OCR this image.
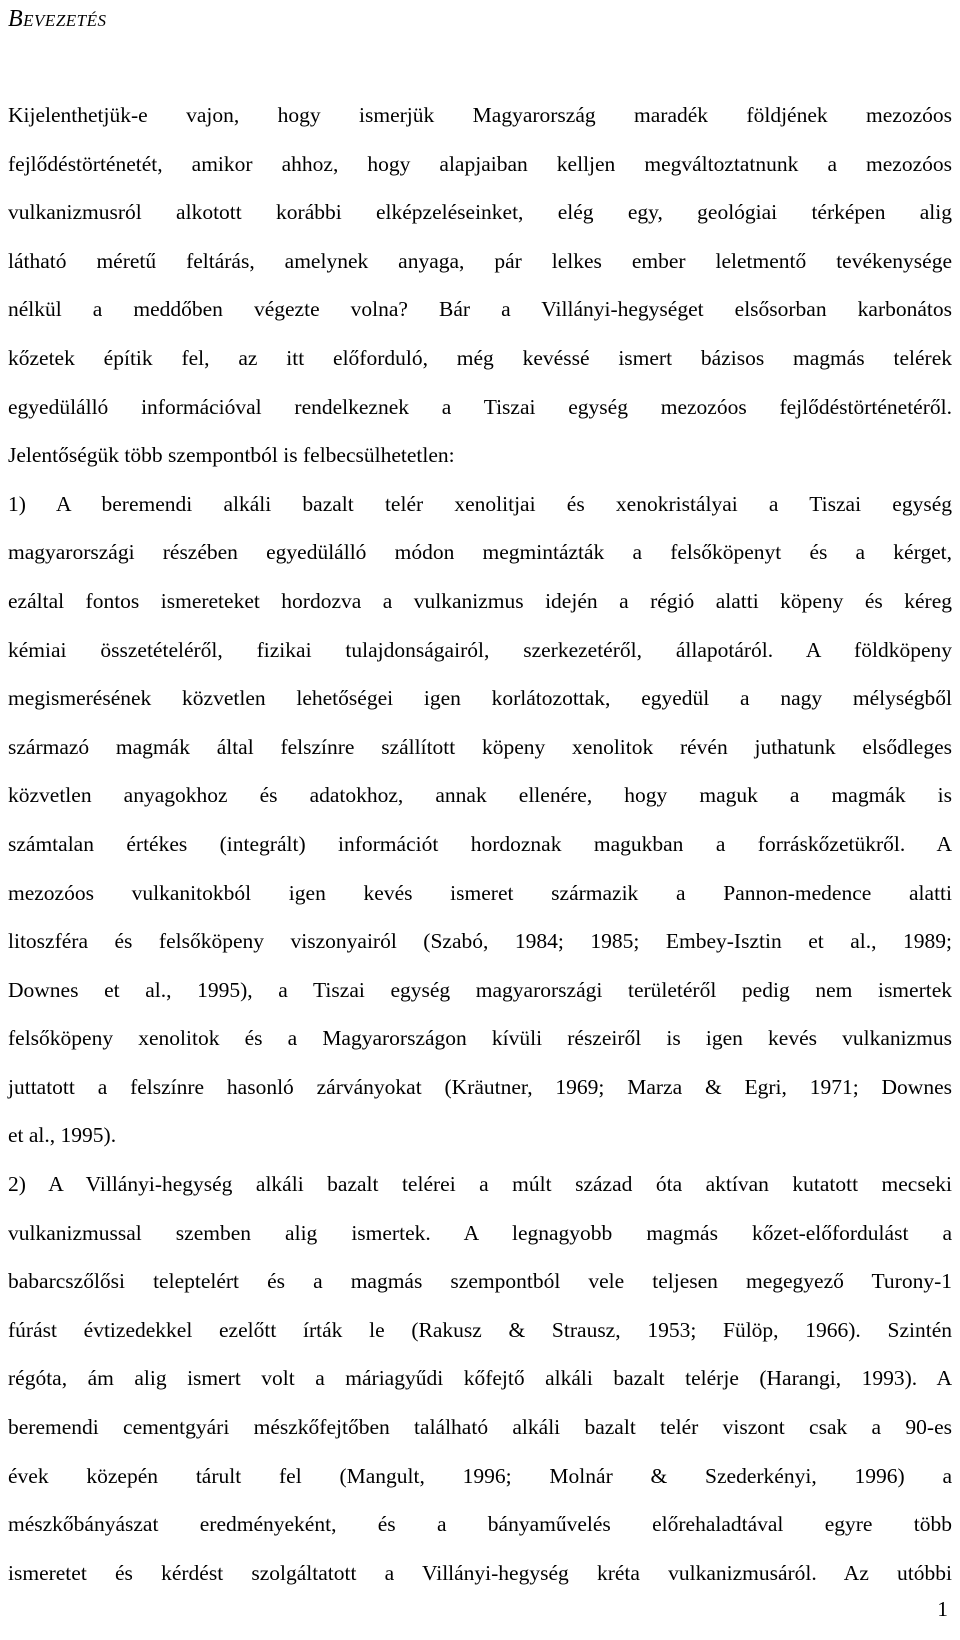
Bevezetés
Kijelenthetjük-e vajon, hogy ismerjük Magyarország maradék földjének mezozóos
fejlődéstörténetét, amikor ahhoz, hogy alapjaiban kelljen megváltoztatnunk a mezozóos
vulkanizmusról alkotott korábbi elképzeléseinket, elég egy, geológiai térképen alig
látható méretű feltárás, amelynek anyaga, pár lelkes ember leletmentő tevékenysége
nélkül a meddőben végezte volna? Bár a Villányi-hegységet elsősorban karbonátos
kőzetek építik fel, az itt előforduló, még kevéssé ismert bázisos magmás telérek
egyedülálló információval rendelkeznek a Tiszai egység mezozóos fejlődéstörténetéről.
Jelentőségük több szempontból is felbecsülhetetlen:
1) A beremendi alkáli bazalt telér xenolitjai és xenokristályai a Tiszai egység
magyarországi részében egyedülálló módon megmintázták a felsőköpenyt és a kérget,
ezáltal fontos ismereteket hordozva a vulkanizmus idején a régió alatti köpeny és kéreg
kémiai összetételéről, fizikai tulajdonságairól, szerkezetéről, állapotáról. A földköpeny
megismerésének közvetlen lehetőségei igen korlátozottak, egyedül a nagy mélységből
származó magmák által felszínre szállított köpeny xenolitok révén juthatunk elsődleges
közvetlen anyagokhoz és adatokhoz, annak ellenére, hogy maguk a magmák is
számtalan értékes (integrált) információt hordoznak magukban a forráskőzetükről. A
mezozóos vulkanitokból igen kevés ismeret származik a Pannon-medence alatti
litoszféra és felsőköpeny viszonyairól (Szabó, 1984; 1985; Embey-Isztin et al., 1989;
Downes et al., 1995), a Tiszai egység magyarországi területéről pedig nem ismertek
felsőköpeny xenolitok és a Magyarországon kívüli részeiről is igen kevés vulkanizmus
juttatott a felszínre hasonló zárványokat (Kräutner, 1969; Marza & Egri, 1971; Downes
et al., 1995).
2) A Villányi-hegység alkáli bazalt telérei a múlt század óta aktívan kutatott mecseki
vulkanizmussal szemben alig ismertek. A legnagyobb magmás kőzet-előfordulást a
babarcszőlősi teleptelért és a magmás szempontból vele teljesen megegyező Turony-1
fúrást évtizedekkel ezelőtt írták le (Rakusz & Strausz, 1953; Fülöp, 1966). Szintén
régóta, ám alig ismert volt a máriagyűdi kőfejtő alkáli bazalt telérje (Harangi, 1993). A
beremendi cementgyári mészkőfejtőben található alkáli bazalt telér viszont csak a 90-es
évek közepén tárult fel (Mangult, 1996; Molnár & Szederkényi, 1996) a
mészkőbányászat eredményeként, és a bányaművelés előrehaladtával egyre több
ismeretet és kérdést szolgáltatott a Villányi-hegység kréta vulkanizmusáról. Az utóbbi
1
